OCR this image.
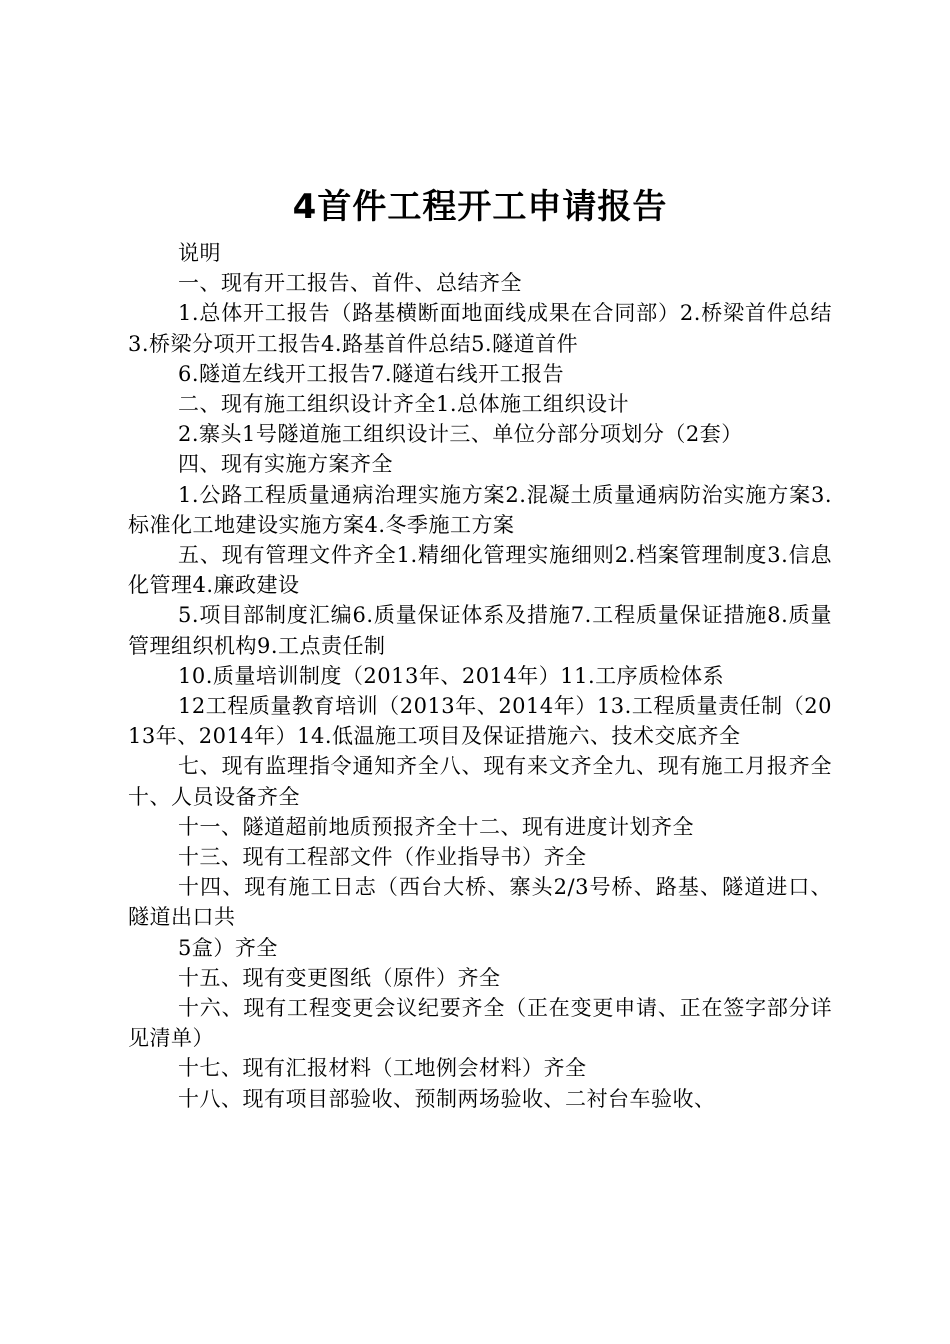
4首件工程开工申请报告

说明

一、现有开工报告、首件、总结齐全

1.总体开工报告（路基横断面地面线成果在合同部）2.桥梁首件总结3.桥梁分项开工报告4.路基首件总结5.隧道首件

6.隧道左线开工报告7.隧道右线开工报告

二、现有施工组织设计齐全1.总体施工组织设计

2.寨头1号隧道施工组织设计三、单位分部分项划分（2套）

四、现有实施方案齐全

1.公路工程质量通病治理实施方案2.混凝土质量通病防治实施方案3.标准化工地建设实施方案4.冬季施工方案

五、现有管理文件齐全1.精细化管理实施细则2.档案管理制度3.信息化管理4.廉政建设

5.项目部制度汇编6.质量保证体系及措施7.工程质量保证措施8.质量管理组织机构9.工点责任制

10.质量培训制度（2013年、2014年）11.工序质检体系

12工程质量教育培训（2013年、2014年）13.工程质量责任制（2013年、2014年）14.低温施工项目及保证措施六、技术交底齐全

七、现有监理指令通知齐全八、现有来文齐全九、现有施工月报齐全十、人员设备齐全

十一、隧道超前地质预报齐全十二、现有进度计划齐全

十三、现有工程部文件（作业指导书）齐全

十四、现有施工日志（西台大桥、寨头2/3号桥、路基、隧道进口、隧道出口共

5盒）齐全

十五、现有变更图纸（原件）齐全

十六、现有工程变更会议纪要齐全（正在变更申请、正在签字部分详见清单）

十七、现有汇报材料（工地例会材料）齐全

十八、现有项目部验收、预制两场验收、二衬台车验收、
